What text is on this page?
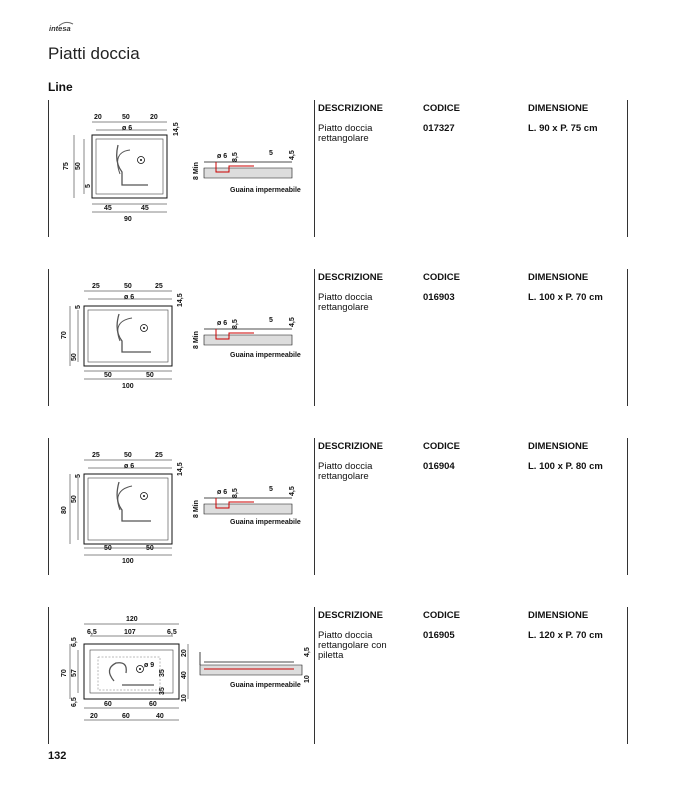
intesa
Piatti doccia
Line
20	50	20
ø 6
45	45
90
75 50
14,5
5
8 Min
ø 6 8,5	5 4,5
Guaina impermeabile
DESCRIZIONE	CODICE	DIMENSIONE
Piatto doccia rettangolare
017327	L. 90 x P. 75 cm
25	50	25
ø 6
50	50
100
70
50
14,5
5
8 Min
ø 6 8,5	5 4,5
Guaina impermeabile
DESCRIZIONE	CODICE	DIMENSIONE
Piatto doccia rettangolare
016903	L. 100 x P. 70 cm
25	50	25
ø 6
50	50
100
80
50
14,5
5
8 Min
ø 6 8,5	5 4,5
Guaina impermeabile
DESCRIZIONE	CODICE	DIMENSIONE
Piatto doccia rettangolare
016904	L. 100 x P. 80 cm
120
107
6,5	6,5
ø 9
60	60
20	60	40
70 57
6,5
6,5
20
35 40
35
10
4,5
10
Guaina impermeabile
DESCRIZIONE	CODICE	DIMENSIONE
Piatto doccia rettangolare con piletta
016905	L. 120 x P. 70 cm
132
